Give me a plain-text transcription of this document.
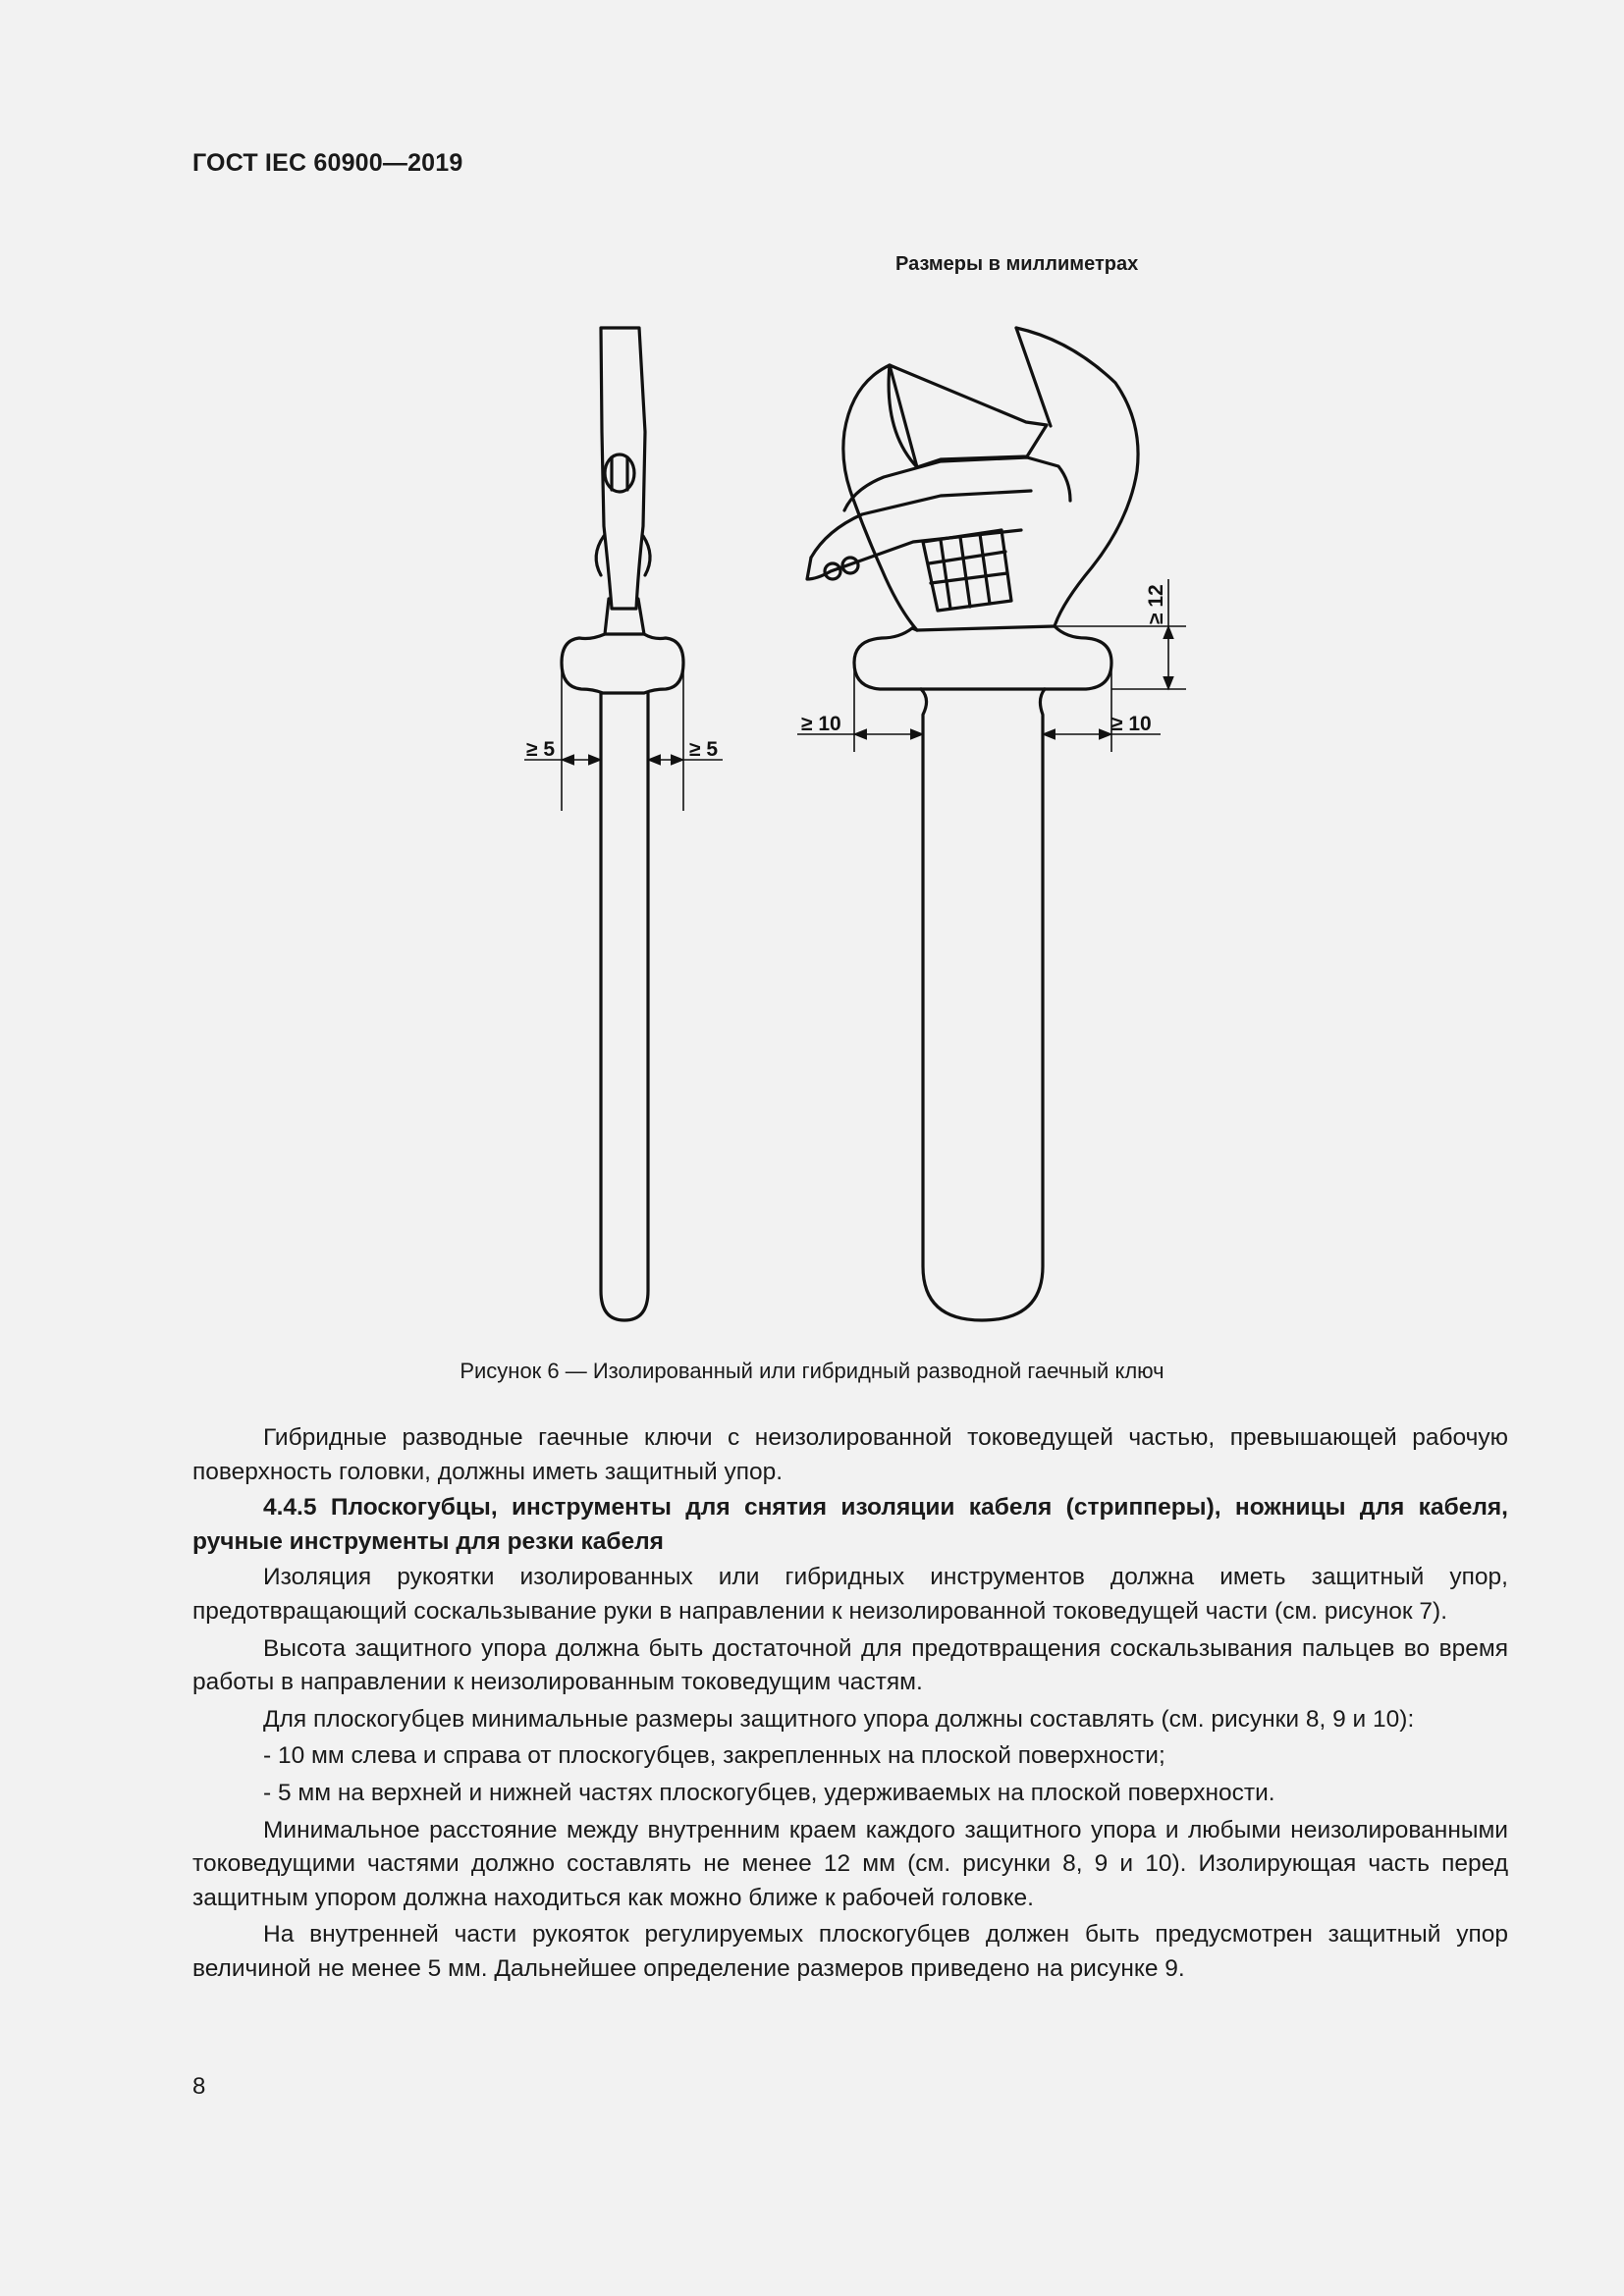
ГОСТ IEC 60900—2019
Размеры в миллиметрах
≥ 5	≥ 5
≥ 10	≥ 10
≥ 12
Рисунок 6 — Изолированный или гибридный разводной гаечный ключ

Гибридные разводные гаечные ключи с неизолированной токоведущей частью, превышающей рабочую поверхность головки, должны иметь защитный упор.

4.4.5 Плоскогубцы, инструменты для снятия изоляции кабеля (стрипперы), ножницы для кабеля, ручные инструменты для резки кабеля

Изоляция рукоятки изолированных или гибридных инструментов должна иметь защитный упор, предотвращающий соскальзывание руки в направлении к неизолированной токоведущей части (см. рисунок 7).

Высота защитного упора должна быть достаточной для предотвращения соскальзывания пальцев во время работы в направлении к неизолированным токоведущим частям.

Для плоскогубцев минимальные размеры защитного упора должны составлять (см. рисунки 8, 9 и 10):

- 10 мм слева и справа от плоскогубцев, закрепленных на плоской поверхности;

- 5 мм на верхней и нижней частях плоскогубцев, удерживаемых на плоской поверхности.

Минимальное расстояние между внутренним краем каждого защитного упора и любыми неизолированными токоведущими частями должно составлять не менее 12 мм (см. рисунки 8, 9 и 10). Изолирующая часть перед защитным упором должна находиться как можно ближе к рабочей головке.

На внутренней части рукояток регулируемых плоскогубцев должен быть предусмотрен защитный упор величиной не менее 5 мм. Дальнейшее определение размеров приведено на рисунке 9.

8
